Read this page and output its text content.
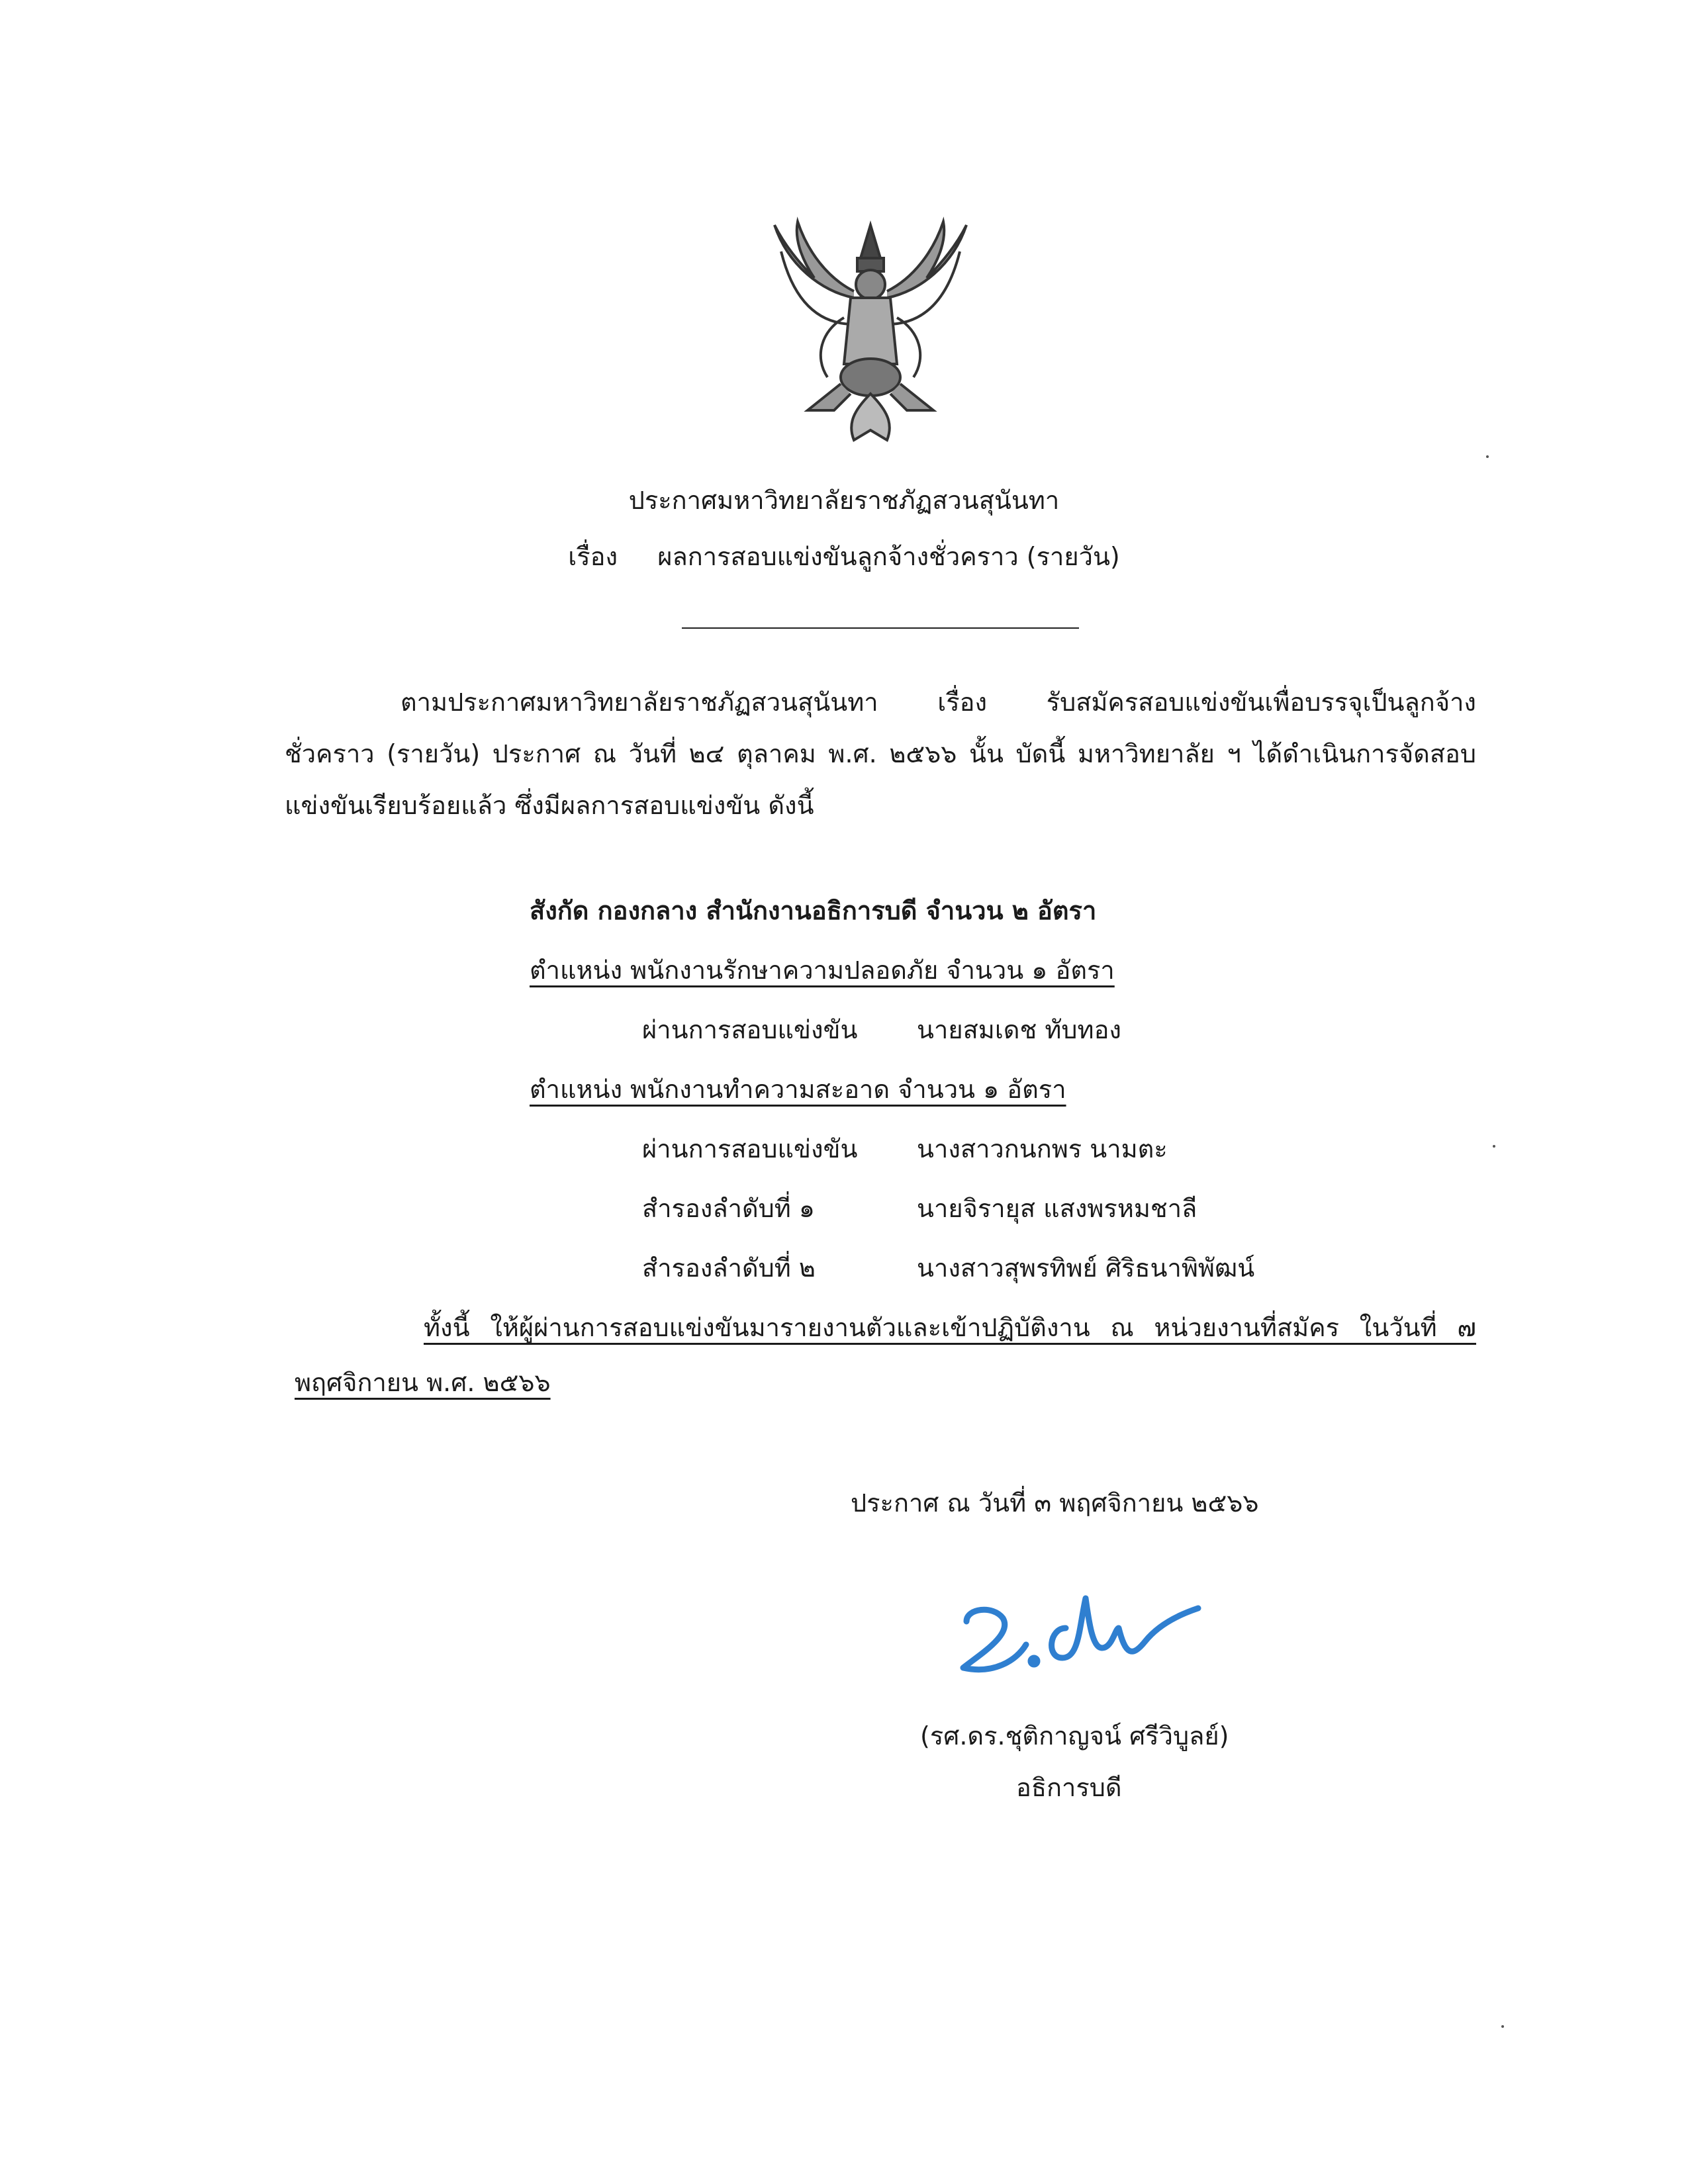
ประกาศมหาวิทยาลัยราชภัฏสวนสุนันทา
เรื่อง ผลการสอบแข่งขันลูกจ้างชั่วคราว (รายวัน)
ตามประกาศมหาวิทยาลัยราชภัฏสวนสุนันทา เรื่อง รับสมัครสอบแข่งขันเพื่อบรรจุเป็นลูกจ้าง
ชั่วคราว (รายวัน) ประกาศ ณ วันที่ ๒๔ ตุลาคม พ.ศ. ๒๕๖๖ นั้น บัดนี้ มหาวิทยาลัย ฯ ได้ดำเนินการจัดสอบ
แข่งขันเรียบร้อยแล้ว ซึ่งมีผลการสอบแข่งขัน ดังนี้
สังกัด กองกลาง สำนักงานอธิการบดี จำนวน ๒ อัตรา
ตำแหน่ง พนักงานรักษาความปลอดภัย จำนวน ๑ อัตรา
ผ่านการสอบแข่งขัน นายสมเดช ทับทอง
ตำแหน่ง พนักงานทำความสะอาด จำนวน ๑ อัตรา
ผ่านการสอบแข่งขัน นางสาวกนกพร นามตะ
สำรองลำดับที่ ๑	นายจิรายุส แสงพรหมชาลี
สำรองลำดับที่ ๒	นางสาวสุพรทิพย์ ศิริธนาพิพัฒน์
ทั้งนี้ ให้ผู้ผ่านการสอบแข่งขันมารายงานตัวและเข้าปฏิบัติงาน ณ หน่วยงานที่สมัคร ในวันที่ ๗
พฤศจิกายน พ.ศ. ๒๕๖๖
ประกาศ ณ วันที่ ๓ พฤศจิกายน ๒๕๖๖
(รศ.ดร.ชุติกาญจน์ ศรีวิบูลย์)
อธิการบดี
